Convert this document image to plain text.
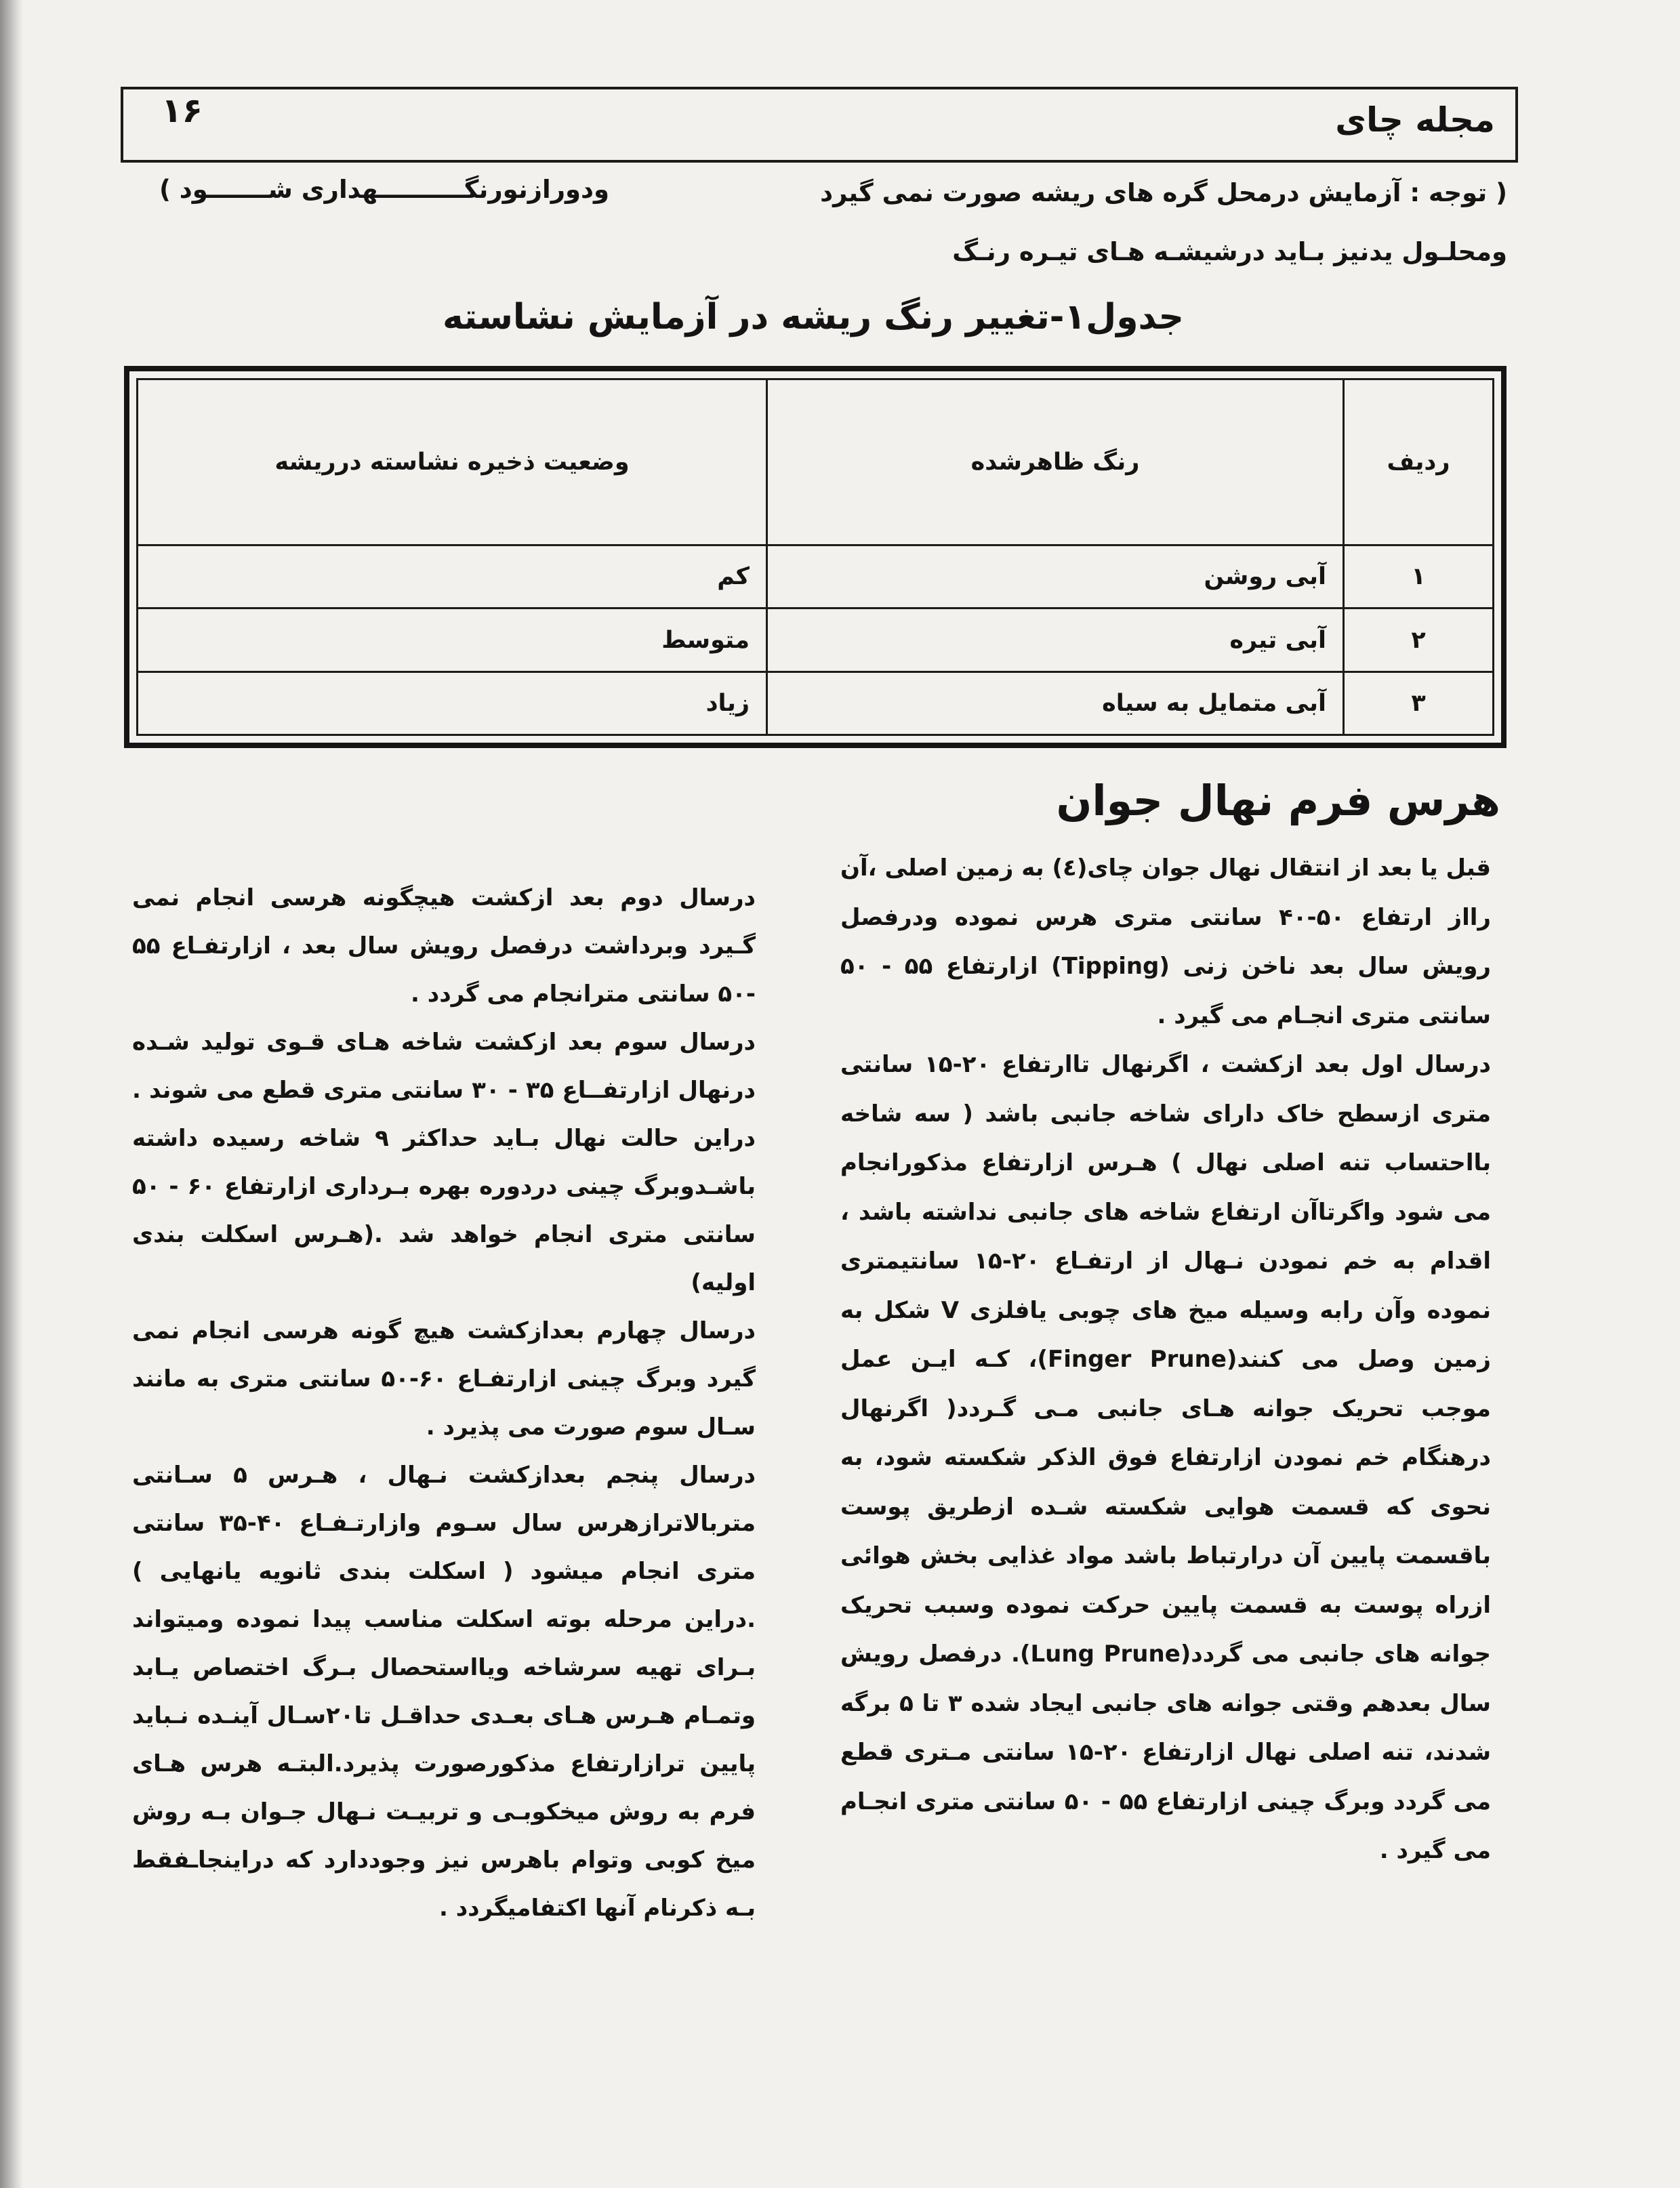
مجله چای
۱۶
( توجه : آزمایش درمحل گره های ریشه صورت نمی گیرد
ودورازنورنگــــــــــهداری شـــــــود )
ومحلـول یدنیز بـاید درشیشـه هـای تیـره رنـگ
جدول۱-تغییر رنگ ریشه در آزمایش نشاسته
ردیف	رنگ ظاهرشده	وضعیت ذخیره نشاسته درریشه
۱	آبی روشن	کم
۲	آبی تیره	متوسط
۳	آبی متمایل به سیاه	زیاد
هرس فرم نهال جوان

قبل یا بعد از انتقال نهال جوان چای(٤) به زمین اصلی ،آن رااز ارتفاع ۵۰-۴۰ سانتی متری هرس نموده ودرفصل رویش سال بعد ناخن زنی (Tipping) ازارتفاع ۵۵ - ۵۰ سانتی متری انجـام می گیرد .

درسال اول بعد ازکشت ، اگرنهال تاارتفاع ۲۰-۱۵ سانتی متری ازسطح خاک دارای شاخه جانبی باشد ( سه شاخه بااحتساب تنه اصلی نهال ) هـرس ازارتفاع مذکورانجام می شود واگرتاآن ارتفاع شاخه های جانبی نداشته باشد ، اقدام به خم نمودن نـهال از ارتفـاع ۲۰-۱۵ سانتیمتری نموده وآن رابه وسیله میخ های چوبی یافلزی V شکل به زمین وصل می کنند(Finger Prune)، کـه ایـن عمل موجب تحریک جوانه هـای جانبی مـی گـردد( اگرنهال درهنگام خم نمودن ازارتفاع فوق الذکر شکسته شود، به نحوی که قسمت هوایی شکسته شـده ازطریق پوست باقسمت پایین آن درارتباط باشد مواد غذایی بخش هوائی ازراه پوست به قسمت پایین حرکت نموده وسبب تحریک جوانه های جانبی می گردد(Lung Prune). درفصل رویش سال بعدهم وقتی جوانه های جانبی ایجاد شده ۳ تا ۵ برگه شدند، تنه اصلی نهال ازارتفاع ۲۰-۱۵ سانتی مـتری قطع می گردد وبرگ چینی ازارتفاع ۵۵ - ۵۰ سانتی متری انجـام می گیرد .

درسال دوم بعد ازکشت هیچگونه هرسی انجام نمی گـیرد وبرداشت درفصل رویش سال بعد ، ازارتفـاع ۵۵ -۵۰ سانتی مترانجام می گردد .

درسال سوم بعد ازکشت شاخه هـای قـوی تولید شـده درنهال ازارتفــاع ۳۵ - ۳۰ سانتی متری قطع می شوند . دراین حالت نهال بـاید حداکثر ۹ شاخه رسیده داشته باشـدوبرگ چینی دردوره بهره بـرداری ازارتفاع ۶۰ - ۵۰ سانتی متری انجام خواهد شد .(هـرس اسکلت بندی اولیه)

درسال چهارم بعدازکشت هیچ گونه هرسی انجام نمی گیرد وبرگ چینی ازارتفـاع ۶۰-۵۰ سانتی متری به مانند سـال سوم صورت می پذیرد .

درسال پنجم بعدازکشت نـهال ، هـرس ۵ سـانتی متربالاترازهرس سال سـوم وازارتـفـاع ۴۰-۳۵ سانتی متری انجام میشود ( اسکلت بندی ثانویه یانهایی ) .دراین مرحله بوته اسکلت مناسب پیدا نموده ومیتواند بـرای تهیه سرشاخه ویااستحصال بـرگ اختصاص یـابد وتمـام هـرس هـای بعـدی حداقـل تا۲۰سـال آینـده نـباید پایین ترازارتفاع مذکورصورت پذیرد.البتـه هرس هـای فرم به روش میخکوبـی و تربیـت نـهال جـوان بـه روش میخ کوبی وتوام باهرس نیز وجوددارد که دراینجاـفقط بـه ذکرنام آنها اکتفامیگردد .
